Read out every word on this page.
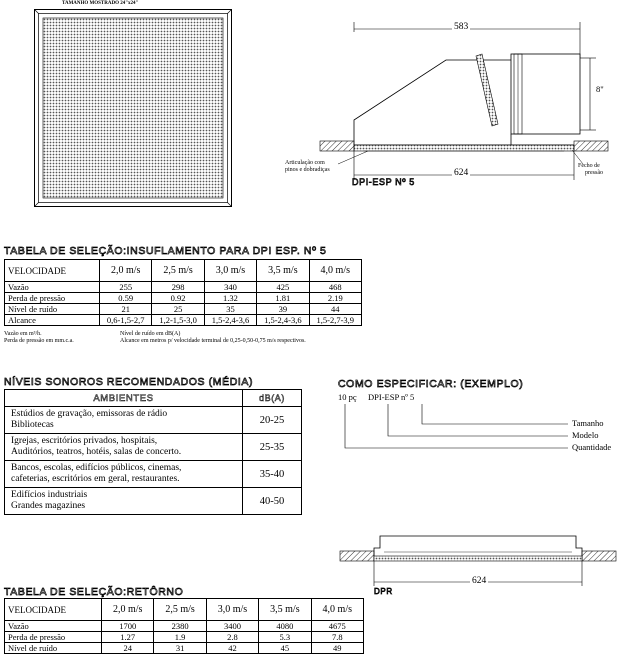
TAMANHO MOSTRADO 24"x24"
583
8"
624
Articulação com
pinos e dobradiças
Fecho de
pressão
DPI-ESP Nº 5
TABELA DE SELEÇÃO:INSUFLAMENTO PARA DPI ESP. Nº 5
VELOCIDADE	2,0 m/s	2,5 m/s	3,0 m/s	3,5 m/s	4,0 m/s
Vazão	255	298	340	425	468
Perda de pressão	0.59	0.92	1.32	1.81	2.19
Nível de ruído	21	25	35	39	44
Alcance	0,6-1,5-2,7	1,2-1,5-3,0	1,5-2,4-3,6	1,5-2,4-3,6	1,5-2,7-3,9
Vazão em m³/h.	Nível de ruído em dB(A)
Perda de pressão em mm.c.a.	Alcance em metros p/ velocidade terminal de 0,25-0,50-0,75 m/s respectivos.
NÍVEIS SONOROS RECOMENDADOS (MÉDIA)
AMBIENTES	dB(A)

Estúdios de gravação, emissoras de rádio
Bibliotecas	20-25

Igrejas, escritórios privados, hospitais,
Auditórios, teatros, hotéis, salas de concerto.	25-35

Bancos, escolas, edifícios públicos, cinemas,
cafeterias, escritórios em geral, restaurantes.	35-40

Edifícios industriais
Grandes magazines	40-50
COMO ESPECIFICAR: (EXEMPLO)
10 pç DPI-ESP nº 5
Tamanho
Modelo
Quantidade
624
DPR
TABELA DE SELEÇÃO:RETÔRNO
VELOCIDADE	2,0 m/s	2,5 m/s	3,0 m/s	3,5 m/s	4,0 m/s
Vazão	1700	2380	3400	4080	4675
Perda de pressão	1.27	1.9	2.8	5.3	7.8
Nível de ruído	24	31	42	45	49
